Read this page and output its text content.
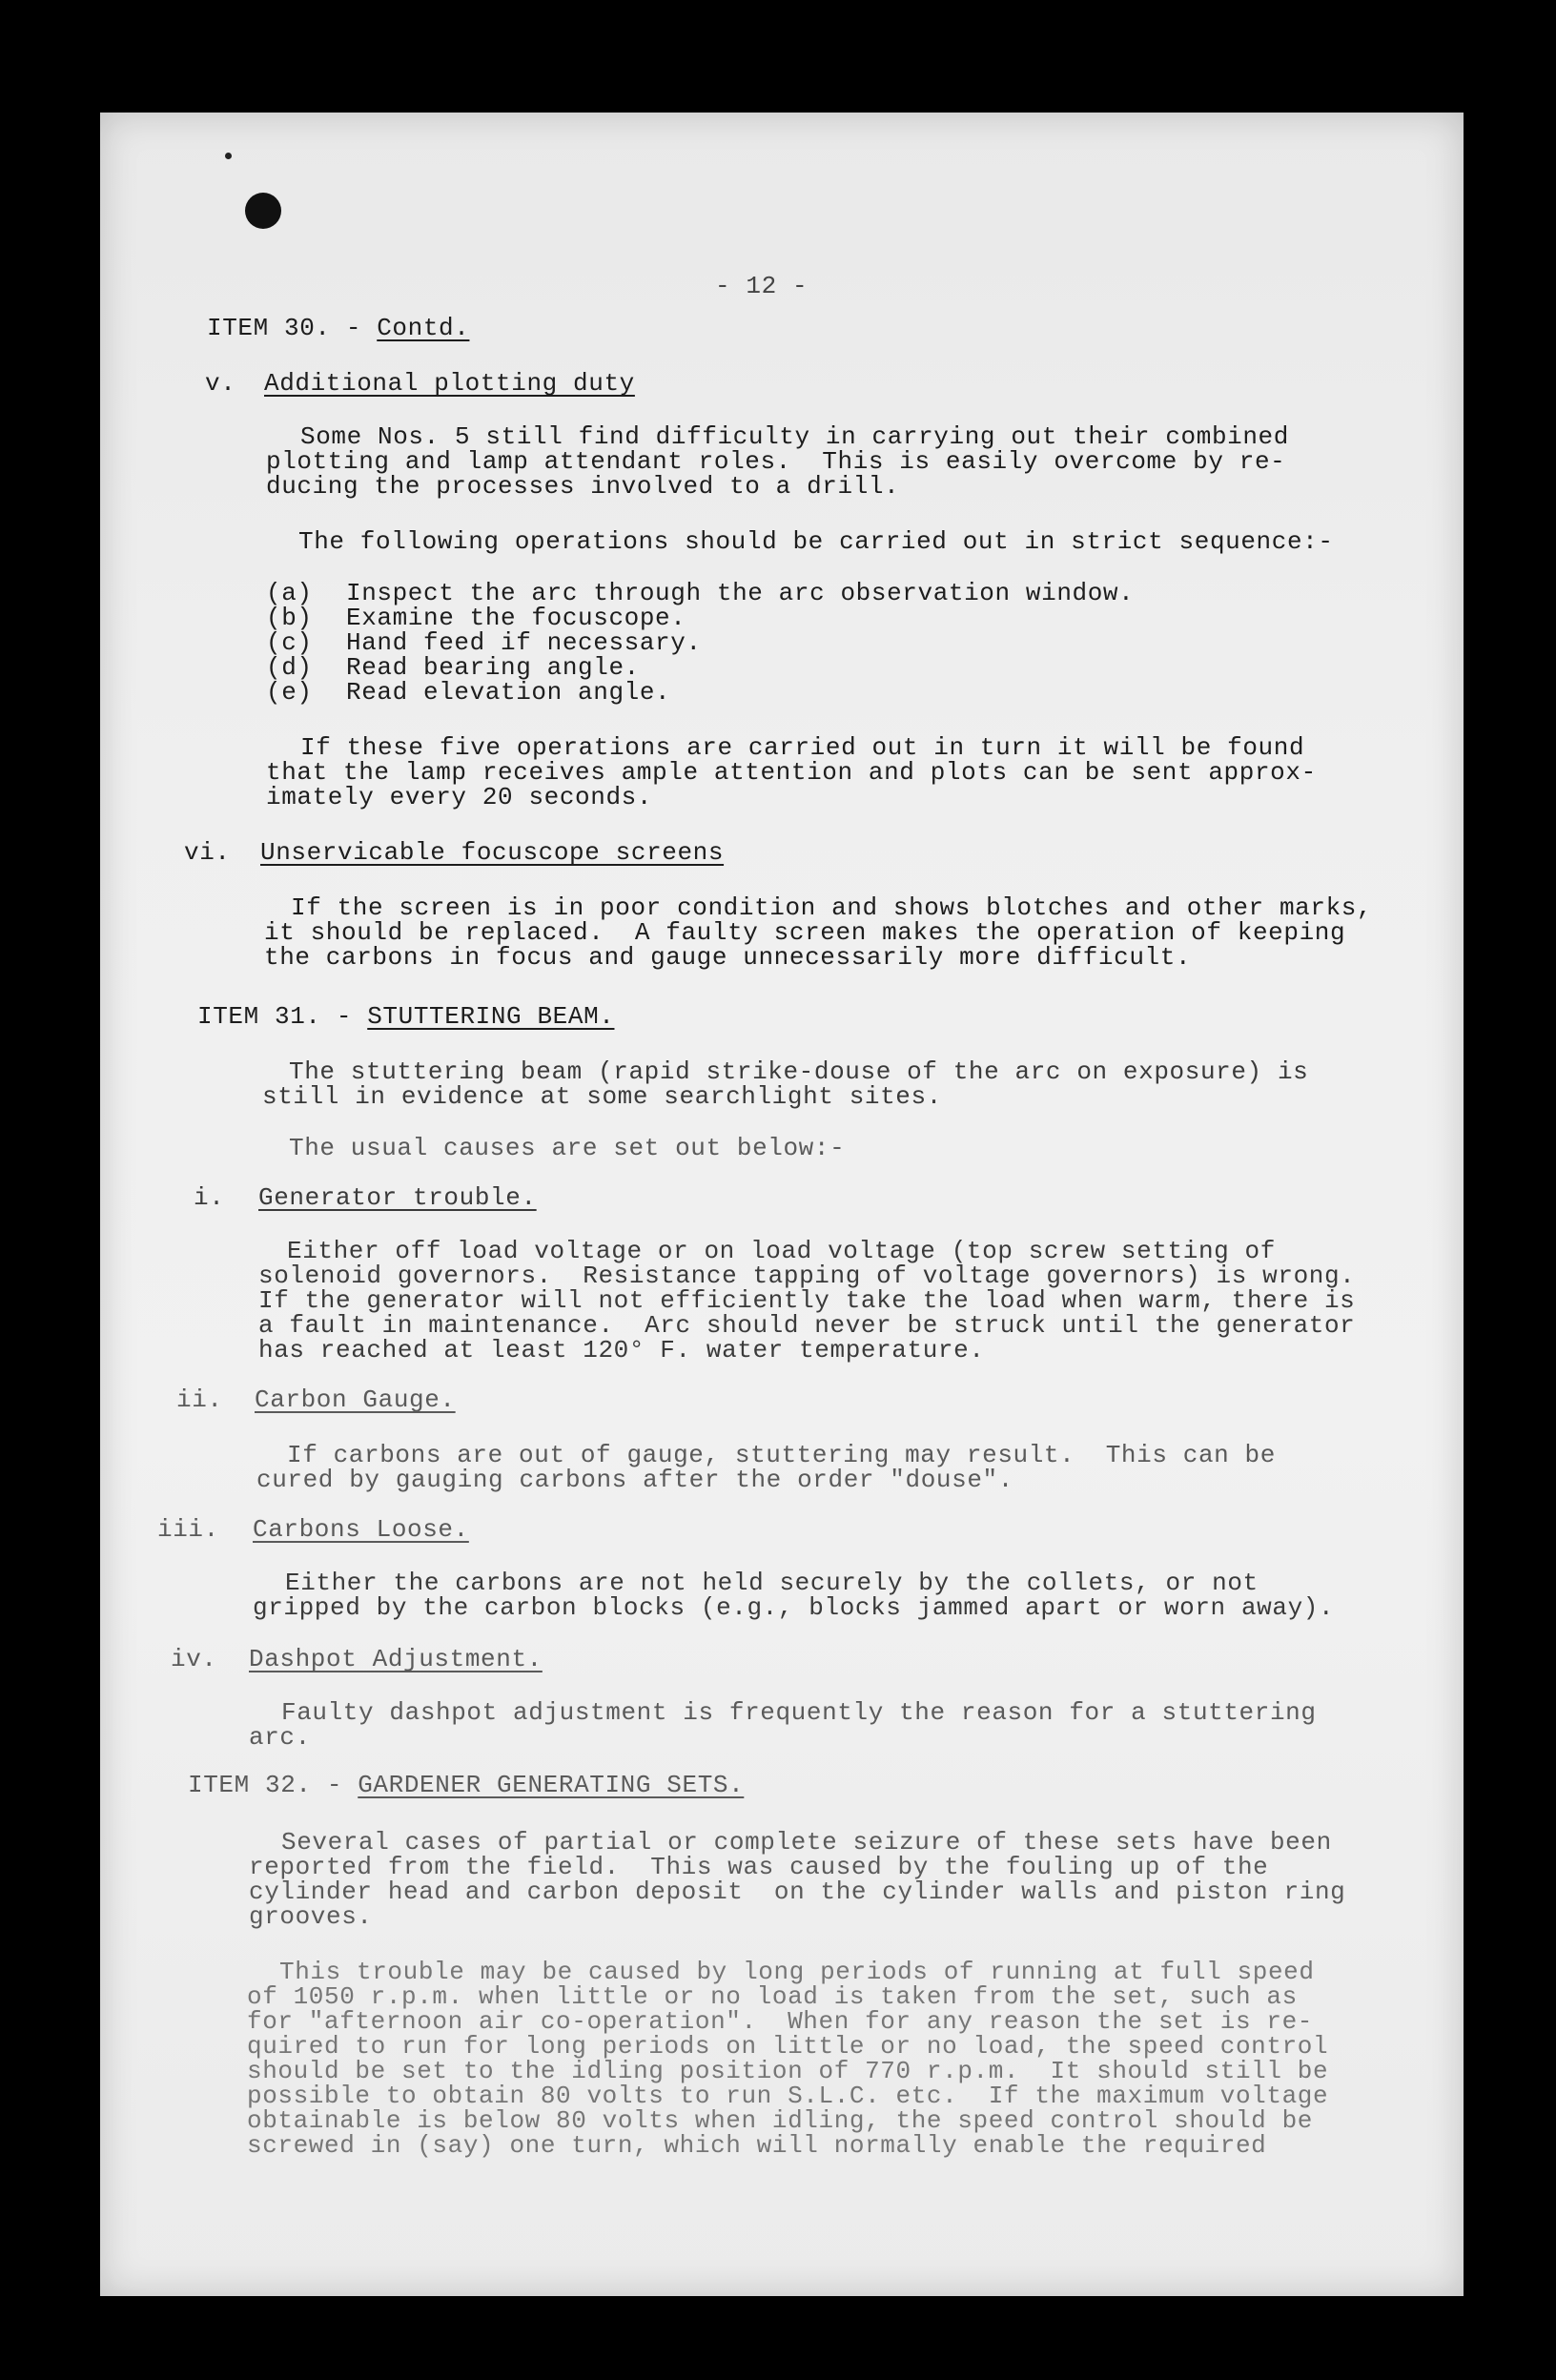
- 12 -
ITEM 30. - Contd.
v. Additional plotting duty
Some Nos. 5 still find difficulty in carrying out their combined
plotting and lamp attendant roles.  This is easily overcome by re-
ducing the processes involved to a drill.
The following operations should be carried out in strict sequence:-
(a) Inspect the arc through the arc observation window.
(b) Examine the focuscope.
(c) Hand feed if necessary.
(d) Read bearing angle.
(e) Read elevation angle.
If these five operations are carried out in turn it will be found
that the lamp receives ample attention and plots can be sent approx-
imately every 20 seconds.
vi. Unservicable focuscope screens
If the screen is in poor condition and shows blotches and other marks,
it should be replaced.  A faulty screen makes the operation of keeping
the carbons in focus and gauge unnecessarily more difficult.
ITEM 31. - STUTTERING BEAM.
The stuttering beam (rapid strike-douse of the arc on exposure) is
still in evidence at some searchlight sites.
The usual causes are set out below:-
i. Generator trouble.
Either off load voltage or on load voltage (top screw setting of
solenoid governors.  Resistance tapping of voltage governors) is wrong.
If the generator will not efficiently take the load when warm, there is
a fault in maintenance.  Arc should never be struck until the generator
has reached at least 120° F. water temperature.
ii. Carbon Gauge.
If carbons are out of gauge, stuttering may result.  This can be
cured by gauging carbons after the order "douse".
iii. Carbons Loose.
Either the carbons are not held securely by the collets, or not
gripped by the carbon blocks (e.g., blocks jammed apart or worn away).
iv. Dashpot Adjustment.
Faulty dashpot adjustment is frequently the reason for a stuttering
arc.
ITEM 32. - GARDENER GENERATING SETS.
Several cases of partial or complete seizure of these sets have been
reported from the field.  This was caused by the fouling up of the
cylinder head and carbon deposit  on the cylinder walls and piston ring
grooves.
This trouble may be caused by long periods of running at full speed
of 1050 r.p.m. when little or no load is taken from the set, such as
for "afternoon air co-operation".  When for any reason the set is re-
quired to run for long periods on little or no load, the speed control
should be set to the idling position of 770 r.p.m.  It should still be
possible to obtain 80 volts to run S.L.C. etc.  If the maximum voltage
obtainable is below 80 volts when idling, the speed control should be
screwed in (say) one turn, which will normally enable the required
